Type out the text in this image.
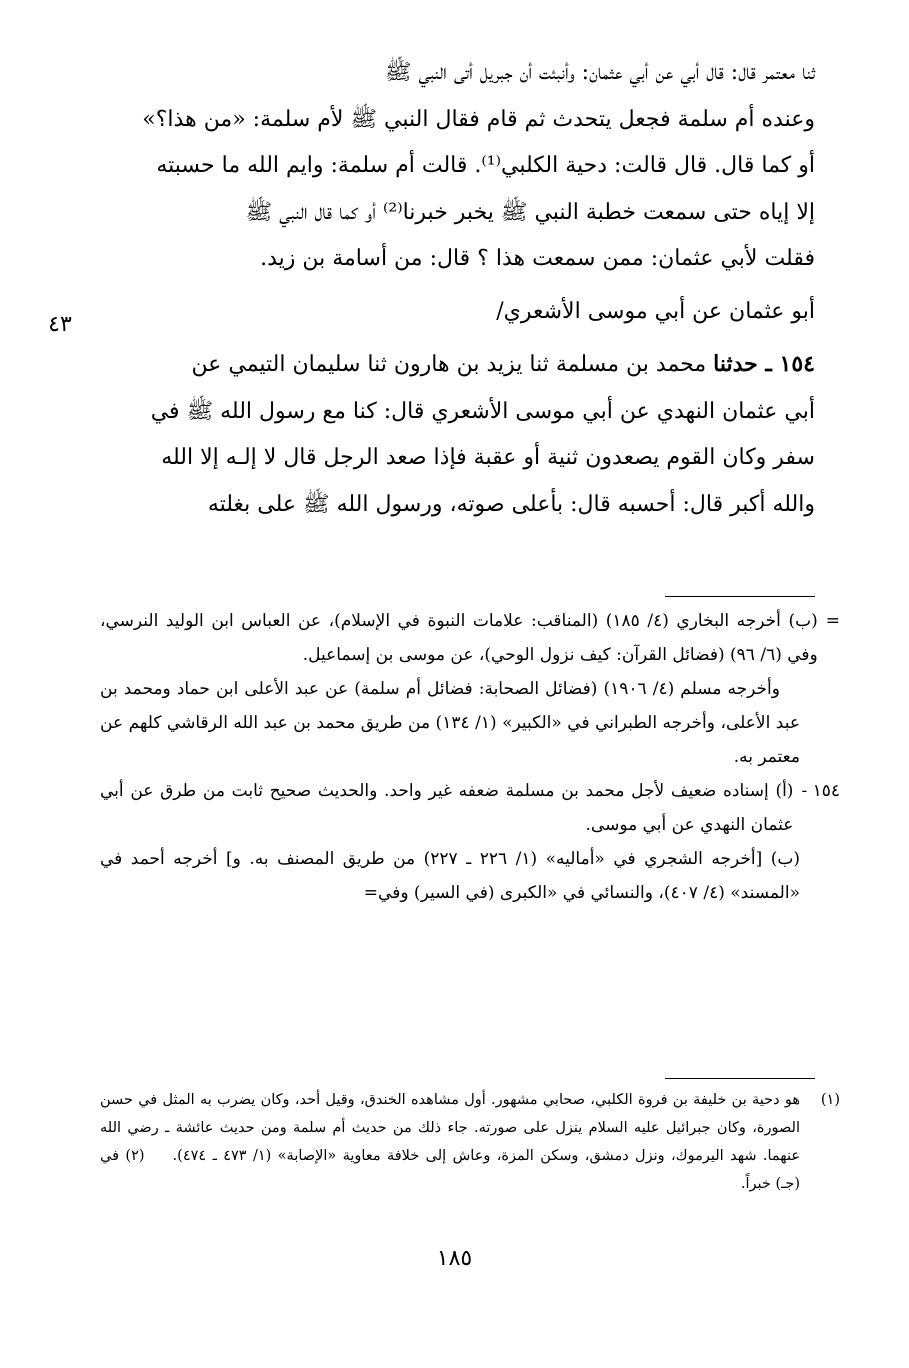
٤٣

ثنا معتمر قال: قال أبي عن أبي عثمان: وأنبئت أن جبريل أتى النبي ﷺ

وعنده أم سلمة فجعل يتحدث ثم قام فقال النبي ﷺ لأم سلمة: «من هذا؟»

أو كما قال. قال قالت: دحية الكلبي⁽¹⁾. قالت أم سلمة: وايم الله ما حسبته

إلا إياه حتى سمعت خطبة النبي ﷺ يخبر خبرنا⁽²⁾ أو كما قال النبي ﷺ

فقلت لأبي عثمان: ممن سمعت هذا ؟ قال: من أسامة بن زيد.

أبو عثمان عن أبي موسى الأشعري/

١٥٤ ـ حدثنا محمد بن مسلمة ثنا يزيد بن هارون ثنا سليمان التيمي عن

أبي عثمان النهدي عن أبي موسى الأشعري قال: كنا مع رسول الله ﷺ في

سفر وكان القوم يصعدون ثنية أو عقبة فإذا صعد الرجل قال لا إلـه إلا الله

والله أكبر قال: أحسبه قال: بأعلى صوته، ورسول الله ﷺ على بغلته

=
(ب) أخرجه البخاري (٤/ ١٨٥) (المناقب: علامات النبوة في الإسلام)، عن العباس ابن الوليد النرسي، وفي (٦/ ٩٦) (فضائل القرآن: كيف نزول الوحي)، عن موسى بن إسماعيل.

وأخرجه مسلم (٤/ ١٩٠٦) (فضائل الصحابة: فضائل أم سلمة) عن عبد الأعلى ابن حماد ومحمد بن عبد الأعلى، وأخرجه الطبراني في «الكبير» (١/ ١٣٤) من طريق محمد بن عبد الله الرقاشي كلهم عن معتمر به.

١٥٤ -
(أ) إسناده ضعيف لأجل محمد بن مسلمة ضعفه غير واحد. والحديث صحيح ثابت من طرق عن أبي عثمان النهدي عن أبي موسى.

(ب) [أخرجه الشجري في «أماليه» (١/ ٢٢٦ ـ ٢٢٧) من طريق المصنف به. و] أخرجه أحمد في «المسند» (٤/ ٤٠٧)، والنسائي في «الكبرى (في السير) وفي=

(١)
هو دحية بن خليفة بن فروة الكلبي، صحابي مشهور. أول مشاهده الخندق، وقيل أحد، وكان يضرب به المثل في حسن الصورة، وكان جبرائيل عليه السلام ينزل على صورته. جاء ذلك من حديث أم سلمة ومن حديث عائشة ـ رضي الله عنهما. شهد اليرموك، ونزل دمشق، وسكن المزة، وعاش إلى خلافة معاوية «الإصابة» (١/ ٤٧٣ ـ ٤٧٤).(٢) في (جـ) خبراً.
١٨٥
